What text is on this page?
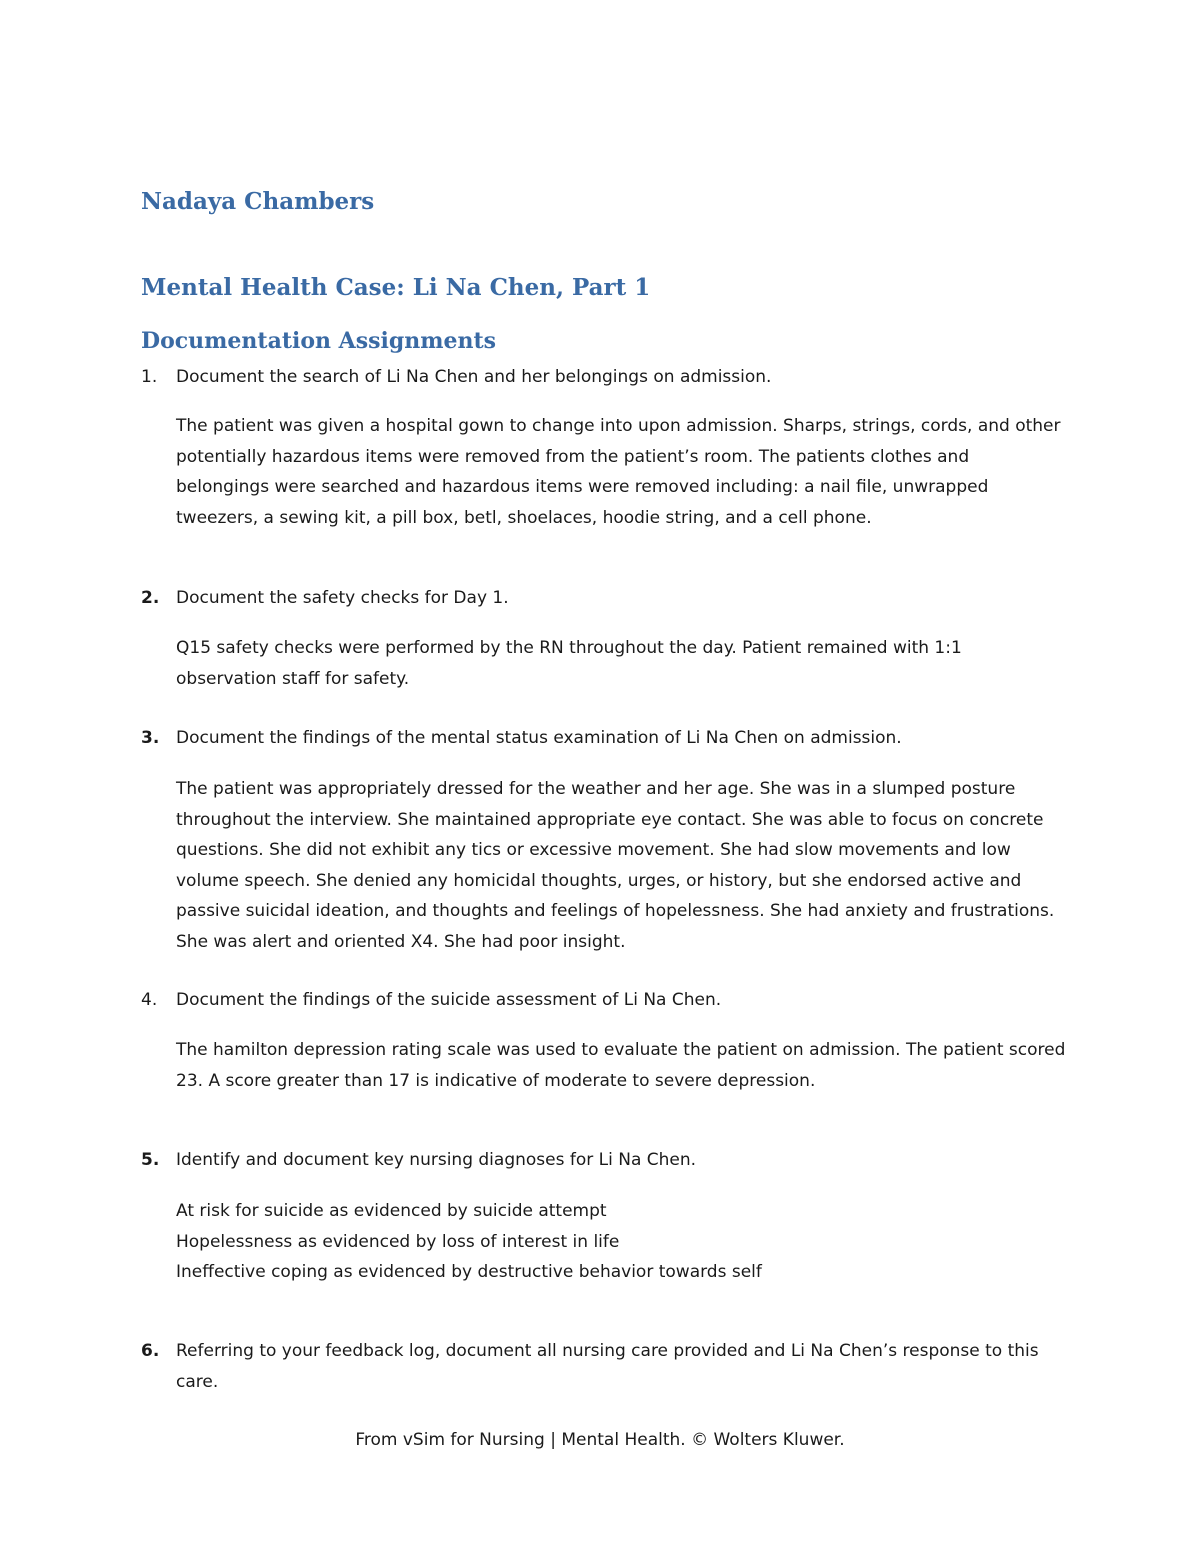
Nadaya Chambers
Mental Health Case: Li Na Chen, Part 1
Documentation Assignments
1. Document the search of Li Na Chen and her belongings on admission.

The patient was given a hospital gown to change into upon admission. Sharps, strings, cords, and other potentially hazardous items were removed from the patient’s room. The patients clothes and belongings were searched and hazardous items were removed including: a nail file, unwrapped tweezers, a sewing kit, a pill box, betl, shoelaces, hoodie string, and a cell phone.

2. Document the safety checks for Day 1.

Q15 safety checks were performed by the RN throughout the day. Patient remained with 1:1 observation staff for safety.

3. Document the findings of the mental status examination of Li Na Chen on admission.

The patient was appropriately dressed for the weather and her age. She was in a slumped posture throughout the interview. She maintained appropriate eye contact. She was able to focus on concrete questions. She did not exhibit any tics or excessive movement. She had slow movements and low volume speech. She denied any homicidal thoughts, urges, or history, but she endorsed active and passive suicidal ideation, and thoughts and feelings of hopelessness. She had anxiety and frustrations. She was alert and oriented X4. She had poor insight.

4. Document the findings of the suicide assessment of Li Na Chen.

The hamilton depression rating scale was used to evaluate the patient on admission. The patient scored 23. A score greater than 17 is indicative of moderate to severe depression.

5. Identify and document key nursing diagnoses for Li Na Chen.
At risk for suicide as evidenced by suicide attempt
Hopelessness as evidenced by loss of interest in life
Ineffective coping as evidenced by destructive behavior towards self
6. Referring to your feedback log, document all nursing care provided and Li Na Chen’s response to this care.

From vSim for Nursing | Mental Health. © Wolters Kluwer.
